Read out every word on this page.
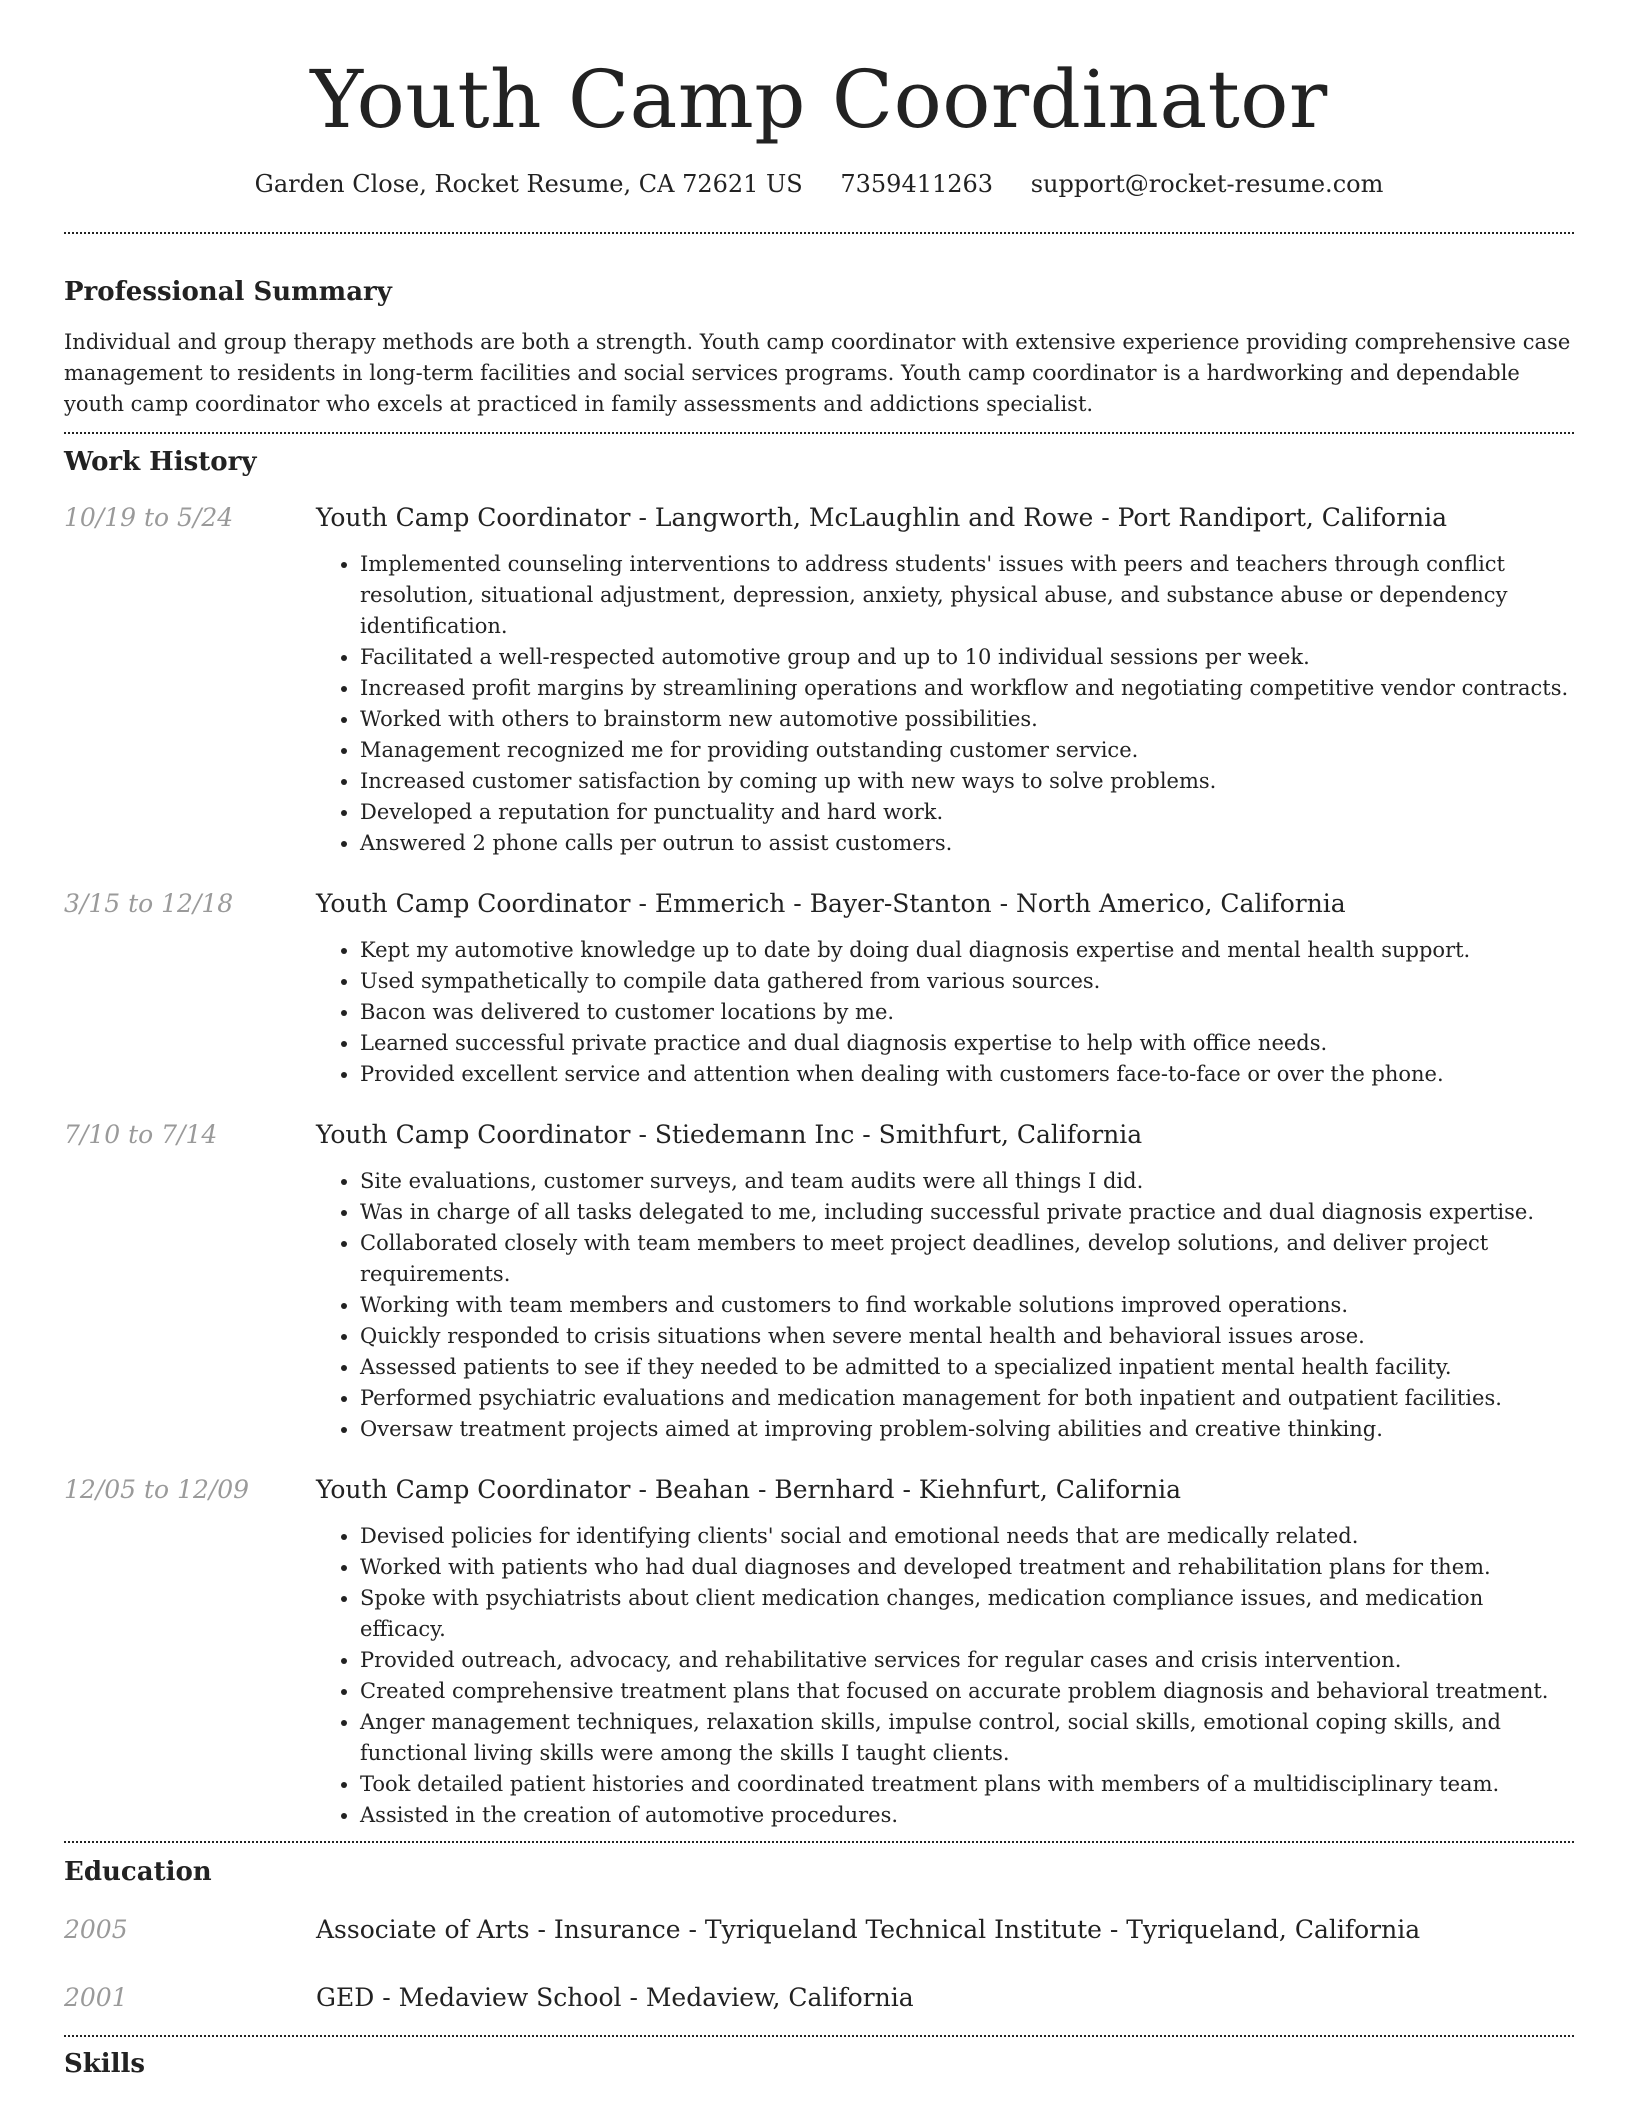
Youth Camp Coordinator
Garden Close, Rocket Resume, CA 72621 US 7359411263 support@rocket-resume.com
Professional Summary

Individual and group therapy methods are both a strength. Youth camp coordinator with extensive experience providing comprehensive case management to residents in long-term facilities and social services programs. Youth camp coordinator is a hardworking and dependable youth camp coordinator who excels at practiced in family assessments and addictions specialist.

Work History
10/19 to 5/24	Youth Camp Coordinator - Langworth, McLaughlin and Rowe - Port Randiport, California
• Implemented counseling interventions to address students' issues with peers and teachers through conflict resolution, situational adjustment, depression, anxiety, physical abuse, and substance abuse or dependency identification.
• Facilitated a well-respected automotive group and up to 10 individual sessions per week.
• Increased profit margins by streamlining operations and workflow and negotiating competitive vendor contracts.
• Worked with others to brainstorm new automotive possibilities.
• Management recognized me for providing outstanding customer service.
• Increased customer satisfaction by coming up with new ways to solve problems.
• Developed a reputation for punctuality and hard work.
• Answered 2 phone calls per outrun to assist customers.
3/15 to 12/18	Youth Camp Coordinator - Emmerich - Bayer-Stanton - North Americo, California
• Kept my automotive knowledge up to date by doing dual diagnosis expertise and mental health support.
• Used sympathetically to compile data gathered from various sources.
• Bacon was delivered to customer locations by me.
• Learned successful private practice and dual diagnosis expertise to help with office needs.
• Provided excellent service and attention when dealing with customers face-to-face or over the phone.
7/10 to 7/14	Youth Camp Coordinator - Stiedemann Inc - Smithfurt, California
• Site evaluations, customer surveys, and team audits were all things I did.
• Was in charge of all tasks delegated to me, including successful private practice and dual diagnosis expertise.
• Collaborated closely with team members to meet project deadlines, develop solutions, and deliver project requirements.
• Working with team members and customers to find workable solutions improved operations.
• Quickly responded to crisis situations when severe mental health and behavioral issues arose.
• Assessed patients to see if they needed to be admitted to a specialized inpatient mental health facility.
• Performed psychiatric evaluations and medication management for both inpatient and outpatient facilities.
• Oversaw treatment projects aimed at improving problem-solving abilities and creative thinking.
12/05 to 12/09	Youth Camp Coordinator - Beahan - Bernhard - Kiehnfurt, California
• Devised policies for identifying clients' social and emotional needs that are medically related.
• Worked with patients who had dual diagnoses and developed treatment and rehabilitation plans for them.
• Spoke with psychiatrists about client medication changes, medication compliance issues, and medication efficacy.
• Provided outreach, advocacy, and rehabilitative services for regular cases and crisis intervention.
• Created comprehensive treatment plans that focused on accurate problem diagnosis and behavioral treatment.
• Anger management techniques, relaxation skills, impulse control, social skills, emotional coping skills, and functional living skills were among the skills I taught clients.
• Took detailed patient histories and coordinated treatment plans with members of a multidisciplinary team.
• Assisted in the creation of automotive procedures.
Education
2005	Associate of Arts - Insurance - Tyriqueland Technical Institute - Tyriqueland, California
2001	GED - Medaview School - Medaview, California
Skills
